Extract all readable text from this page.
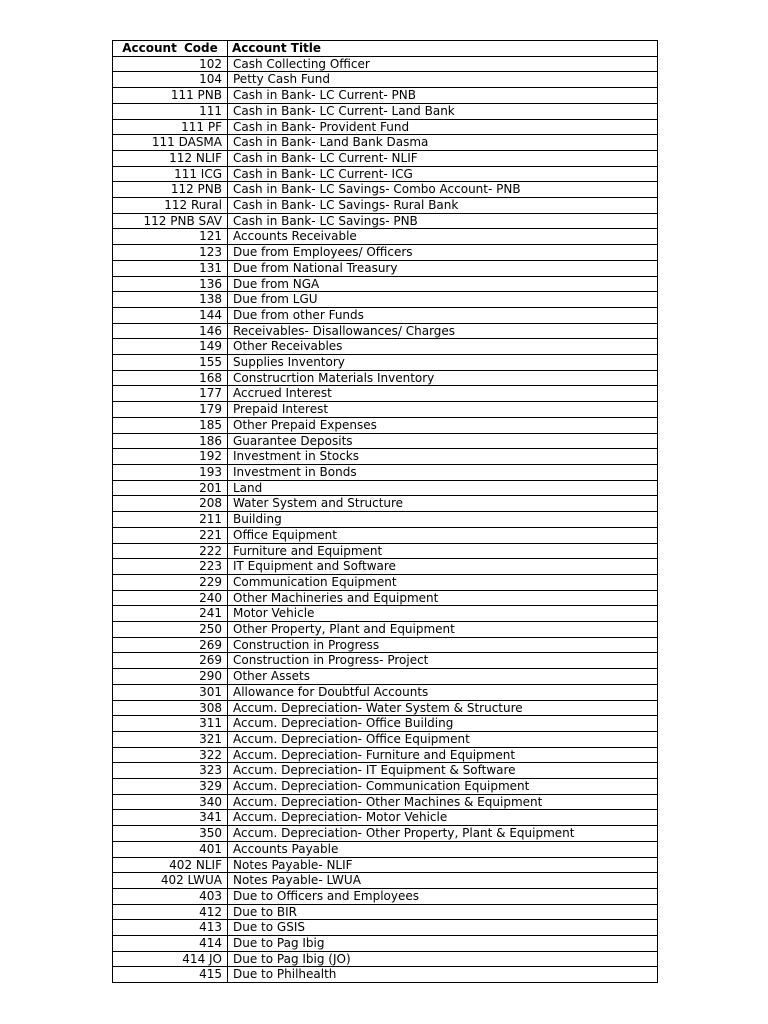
Account Code	Account Title
102	Cash Collecting Officer
104	Petty Cash Fund
111 PNB	Cash in Bank- LC Current- PNB
111	Cash in Bank- LC Current- Land Bank
111 PF	Cash in Bank- Provident Fund
111 DASMA	Cash in Bank- Land Bank Dasma
112 NLIF	Cash in Bank- LC Current- NLIF
111 ICG	Cash in Bank- LC Current- ICG
112 PNB	Cash in Bank- LC Savings- Combo Account- PNB
112 Rural	Cash in Bank- LC Savings- Rural Bank
112 PNB SAV	Cash in Bank- LC Savings- PNB
121	Accounts Receivable
123	Due from Employees/ Officers
131	Due from National Treasury
136	Due from NGA
138	Due from LGU
144	Due from other Funds
146	Receivables- Disallowances/ Charges
149	Other Receivables
155	Supplies Inventory
168	Construcrtion Materials Inventory
177	Accrued Interest
179	Prepaid Interest
185	Other Prepaid Expenses
186	Guarantee Deposits
192	Investment in Stocks
193	Investment in Bonds
201	Land
208	Water System and Structure
211	Building
221	Office Equipment
222	Furniture and Equipment
223	IT Equipment and Software
229	Communication Equipment
240	Other Machineries and Equipment
241	Motor Vehicle
250	Other Property, Plant and Equipment
269	Construction in Progress
269	Construction in Progress- Project
290	Other Assets
301	Allowance for Doubtful Accounts
308	Accum. Depreciation- Water System & Structure
311	Accum. Depreciation- Office Building
321	Accum. Depreciation- Office Equipment
322	Accum. Depreciation- Furniture and Equipment
323	Accum. Depreciation- IT Equipment & Software
329	Accum. Depreciation- Communication Equipment
340	Accum. Depreciation- Other Machines & Equipment
341	Accum. Depreciation- Motor Vehicle
350	Accum. Depreciation- Other Property, Plant & Equipment
401	Accounts Payable
402 NLIF	Notes Payable- NLIF
402 LWUA	Notes Payable- LWUA
403	Due to Officers and Employees
412	Due to BIR
413	Due to GSIS
414	Due to Pag Ibig
414 JO	Due to Pag Ibig (JO)
415	Due to Philhealth
